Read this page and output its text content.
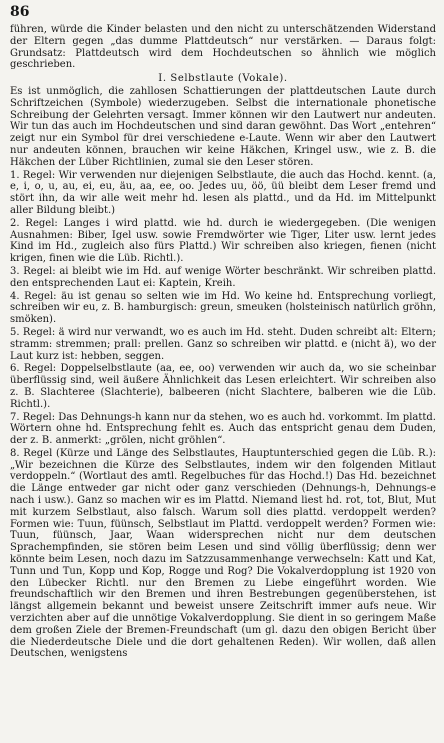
86

führen, würde die Kinder belasten und den nicht zu unterschätzenden Widerstand der Eltern gegen „das dumme Plattdeutsch“ nur verstärken. — Daraus folgt: Grundsatz: Plattdeutsch wird dem Hochdeutschen so ähnlich wie möglich geschrieben.

I. Selbstlaute (Vokale).

Es ist unmöglich, die zahllosen Schattierungen der plattdeutschen Laute durch Schriftzeichen (Symbole) wiederzugeben. Selbst die internationale phonetische Schreibung der Gelehrten versagt. Immer können wir den Lautwert nur andeuten. Wir tun das auch im Hochdeutschen und sind daran gewöhnt. Das Wort „entehren“ zeigt nur ein Symbol für drei verschiedene e-Laute. Wenn wir aber den Lautwert nur andeuten können, brauchen wir keine Häkchen, Kringel usw., wie z. B. die Häkchen der Lüber Richtlinien, zumal sie den Leser stören.

1. Regel: Wir verwenden nur diejenigen Selbstlaute, die auch das Hochd. kennt. (a, e, i, o, u, au, ei, eu, äu, aa, ee, oo. Jedes uu, öö, üü bleibt dem Leser fremd und stört ihn, da wir alle weit mehr hd. lesen als plattd., und da Hd. im Mittelpunkt aller Bildung bleibt.)

2. Regel: Langes i wird plattd. wie hd. durch ie wiedergegeben. (Die wenigen Ausnahmen: Biber, Igel usw. sowie Fremdwörter wie Tiger, Liter usw. lernt jedes Kind im Hd., zugleich also fürs Plattd.) Wir schreiben also kriegen, fienen (nicht krigen, finen wie die Lüb. Richtl.).

3. Regel: ai bleibt wie im Hd. auf wenige Wörter beschränkt. Wir schreiben plattd. den entsprechenden Laut ei: Kaptein, Kreih.

4. Regel: äu ist genau so selten wie im Hd. Wo keine hd. Entsprechung vorliegt, schreiben wir eu, z. B. hamburgisch: greun, smeuken (holsteinisch natürlich gröhn, smöken).

5. Regel: ä wird nur verwandt, wo es auch im Hd. steht. Duden schreibt alt: Eltern; stramm: stremmen; prall: prellen. Ganz so schreiben wir plattd. e (nicht ä), wo der Laut kurz ist: hebben, seggen.

6. Regel: Doppelselbstlaute (aa, ee, oo) verwenden wir auch da, wo sie scheinbar überflüssig sind, weil äußere Ähnlichkeit das Lesen erleichtert. Wir schreiben also z. B. Slachteree (Slachterie), balbeeren (nicht Slachtere, balberen wie die Lüb. Richtl.).

7. Regel: Das Dehnungs-h kann nur da stehen, wo es auch hd. vorkommt. Im plattd. Wörtern ohne hd. Entsprechung fehlt es. Auch das entspricht genau dem Duden, der z. B. anmerkt: „grölen, nicht gröhlen“.

8. Regel (Kürze und Länge des Selbstlautes, Hauptunterschied gegen die Lüb. R.): „Wir bezeichnen die Kürze des Selbstlautes, indem wir den folgenden Mitlaut verdoppeln.“ (Wortlaut des amtl. Regelbuches für das Hochd.!) Das Hd. bezeichnet die Länge entweder gar nicht oder ganz verschieden (Dehnungs-h, Dehnungs-e nach i usw.). Ganz so machen wir es im Plattd. Niemand liest hd. rot, tot, Blut, Mut mit kurzem Selbstlaut, also falsch. Warum soll dies plattd. verdoppelt werden? Formen wie: Tuun, füünsch, Selbstlaut im Plattd. verdoppelt werden? Formen wie: Tuun, füünsch, Jaar, Waan widersprechen nicht nur dem deutschen Sprachempfinden, sie stören beim Lesen und sind völlig überflüssig; denn wer könnte beim Lesen, noch dazu im Satzzusammenhange verwechseln: Katt und Kat, Tunn und Tun, Kopp und Kop, Rogge und Rog? Die Vokalverdopplung ist 1920 von den Lübecker Richtl. nur den Bremen zu Liebe eingeführt worden. Wie freundschaftlich wir den Bremen und ihren Bestrebungen gegenüberstehen, ist längst allgemein bekannt und beweist unsere Zeitschrift immer aufs neue. Wir verzichten aber auf die unnötige Vokalverdopplung. Sie dient in so geringem Maße dem großen Ziele der Bremen-Freundschaft (um gl. dazu den obigen Bericht über die Niederdeutsche Diele und die dort gehaltenen Reden). Wir wollen, daß allen Deutschen, wenigstens
